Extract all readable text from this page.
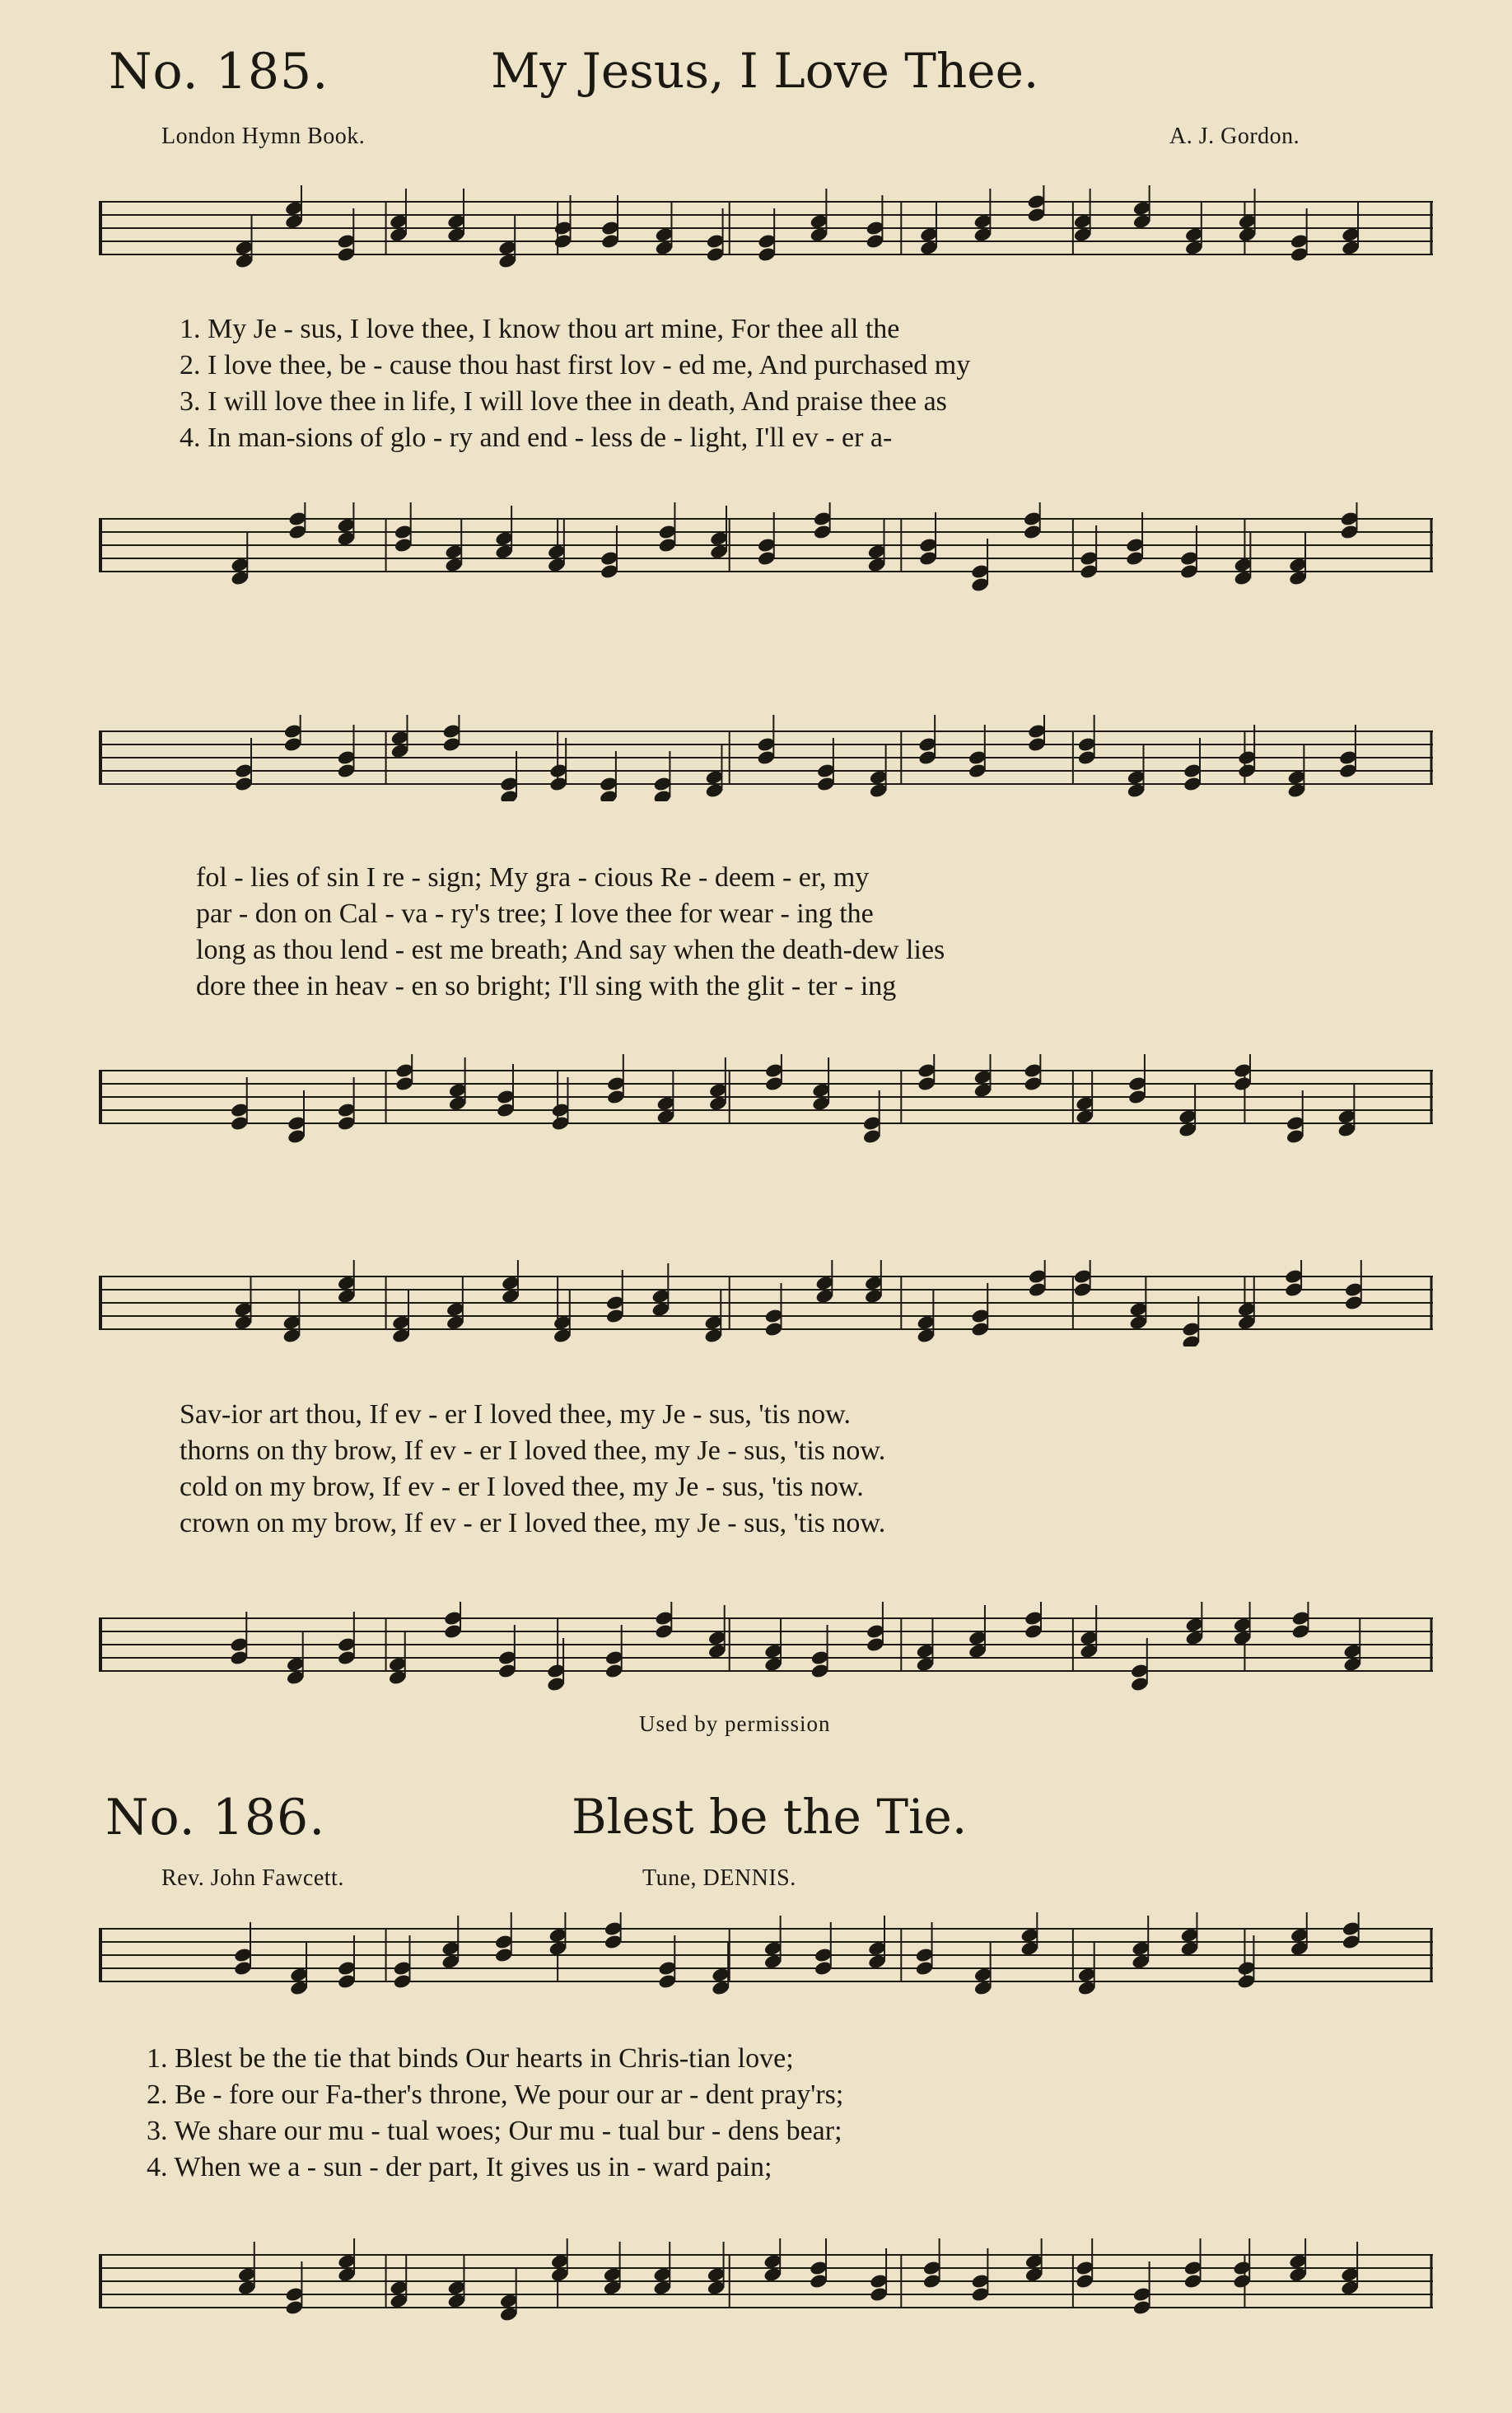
No. 185.	My Jesus, I Love Thee.
London Hymn Book.	A. J. Gordon.
1. My Je - sus, I love thee, I know thou art mine, For thee all the
2. I love thee, be - cause thou hast first lov - ed me, And purchased my
3. I will love thee in life, I will love thee in death, And praise thee as
4. In man-sions of glo - ry and end - less de - light, I'll ev - er a-
fol - lies of sin I re - sign; My gra - cious Re - deem - er, my
par - don on Cal - va - ry's tree; I love thee for wear - ing the
long as thou lend - est me breath; And say when the death-dew lies
dore thee in heav - en so bright; I'll sing with the glit - ter - ing
Sav-ior art thou, If ev - er I loved thee, my Je - sus, 'tis now.
thorns on thy brow, If ev - er I loved thee, my Je - sus, 'tis now.
cold on my brow, If ev - er I loved thee, my Je - sus, 'tis now.
crown on my brow, If ev - er I loved thee, my Je - sus, 'tis now.
Used by permission
No. 186.	Blest be the Tie.
Rev. John Fawcett.	Tune, DENNIS.
1. Blest be the tie that binds Our hearts in Chris-tian love;
2. Be - fore our Fa-ther's throne, We pour our ar - dent pray'rs;
3. We share our mu - tual woes; Our mu - tual bur - dens bear;
4. When we a - sun - der part, It gives us in - ward pain;
